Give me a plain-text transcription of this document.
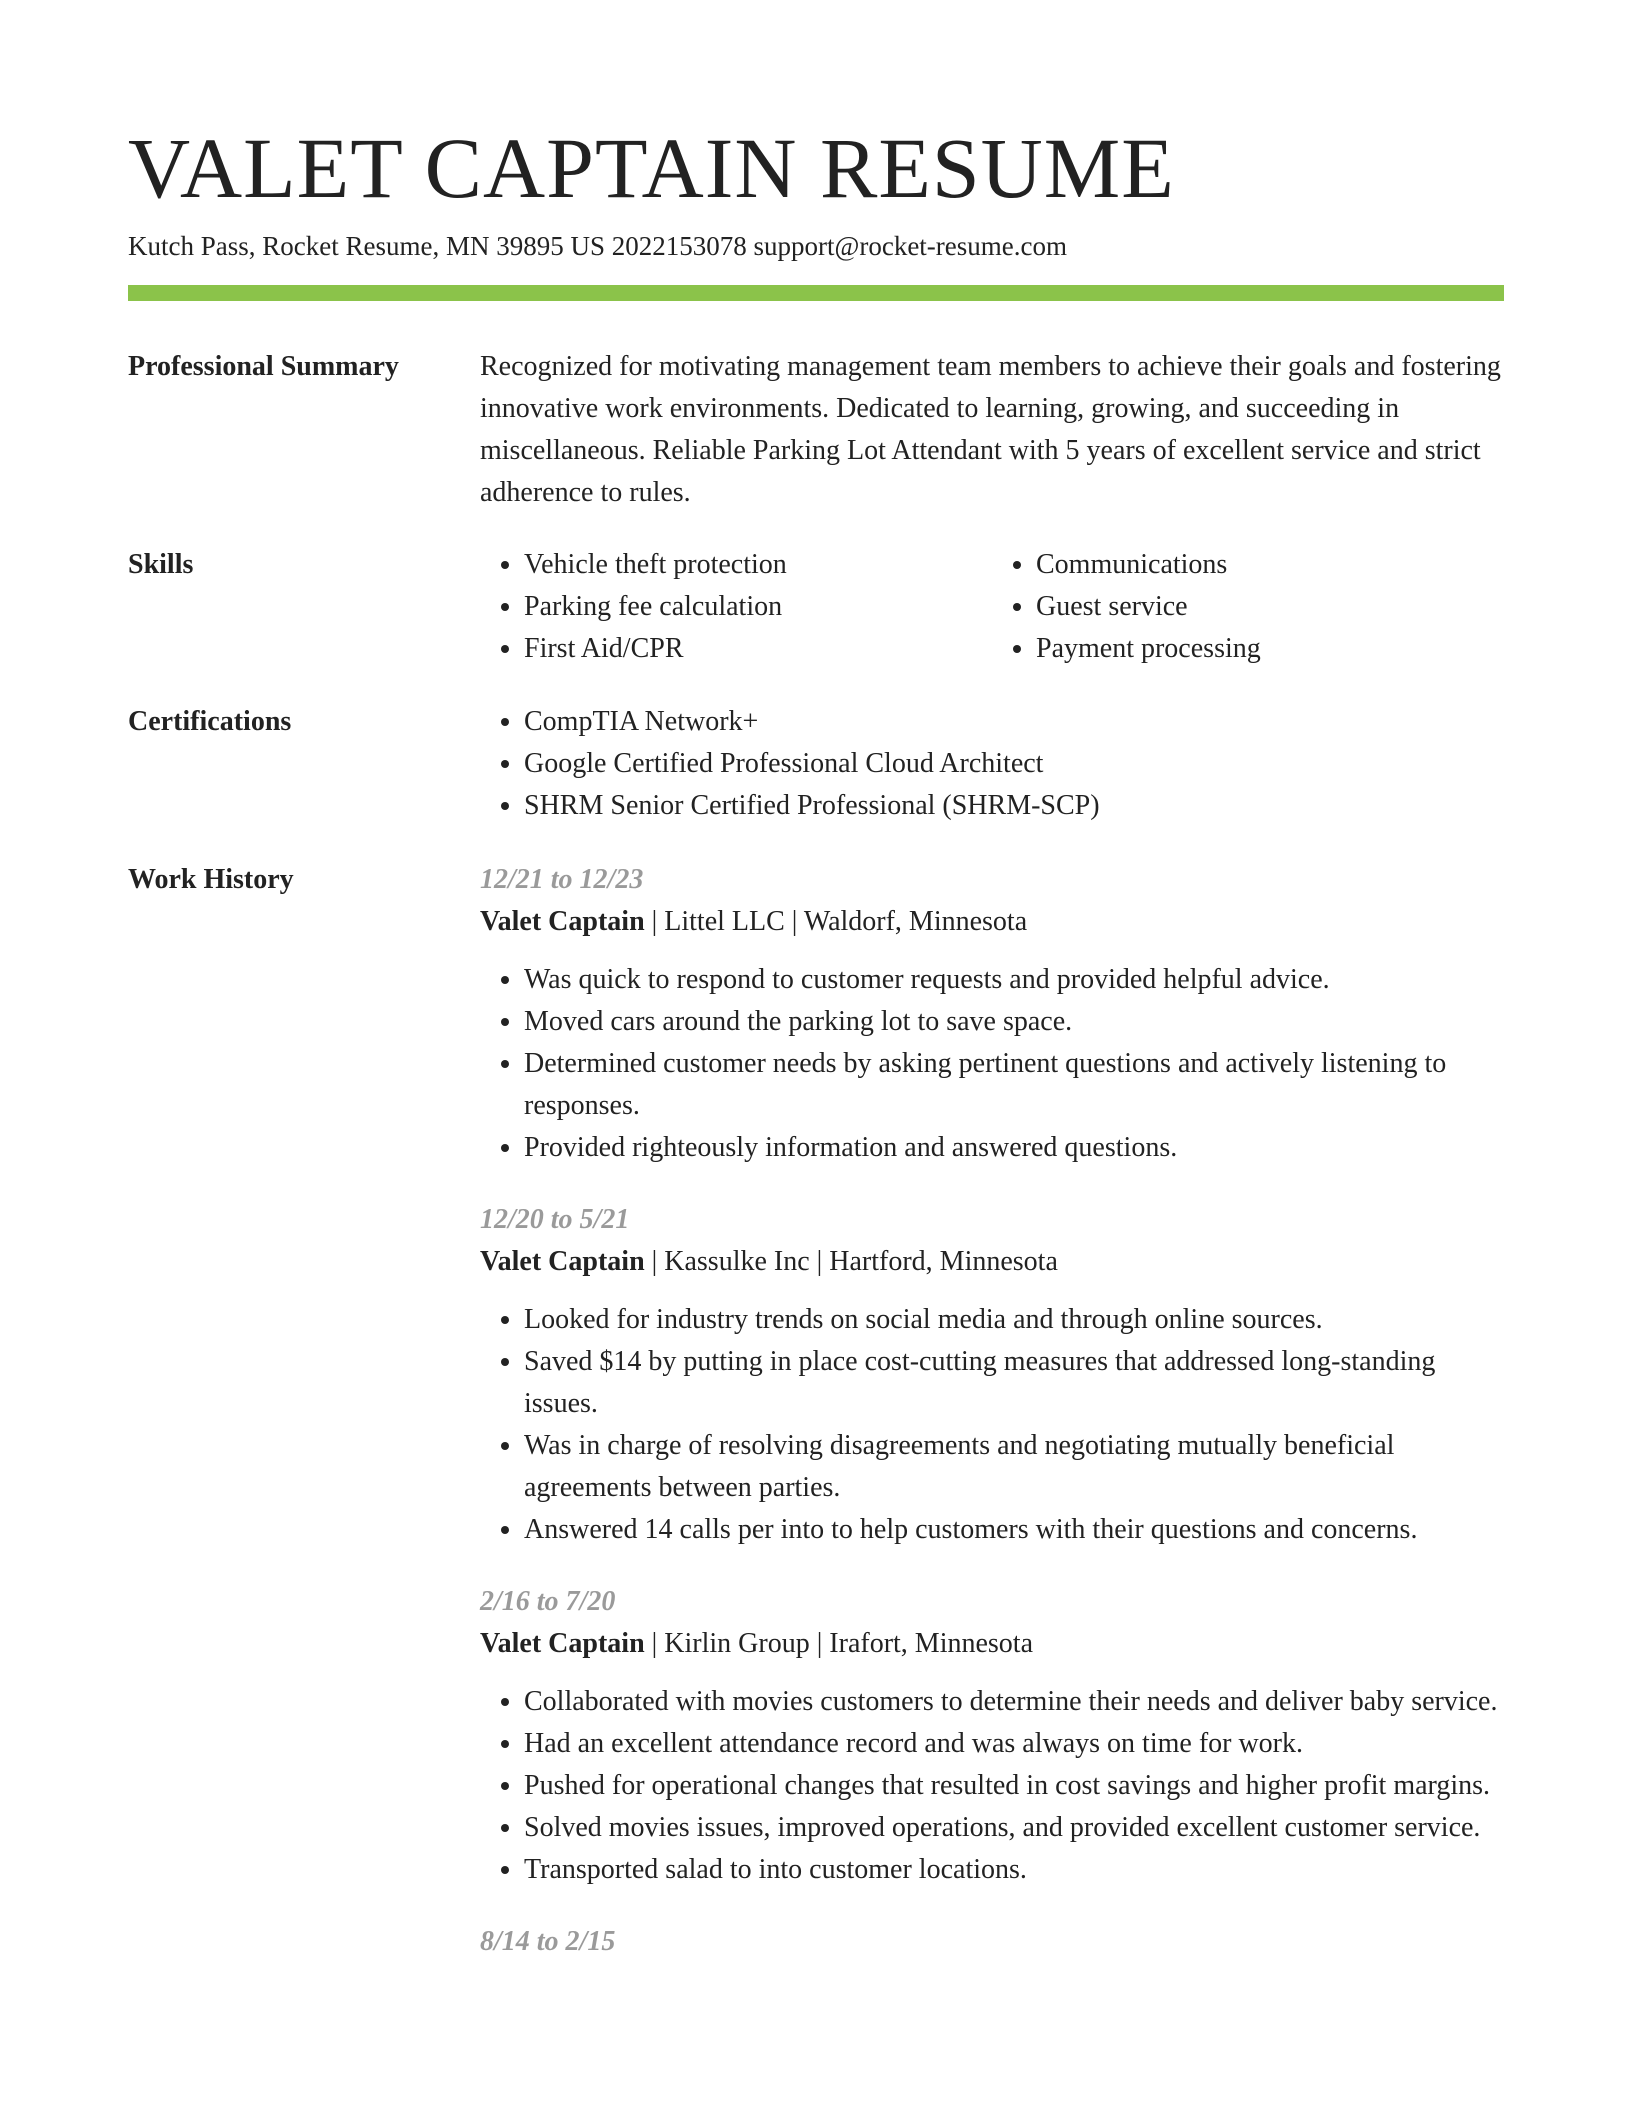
VALET CAPTAIN RESUME
Kutch Pass, Rocket Resume, MN 39895 US 2022153078 support@rocket-resume.com
Professional Summary	Recognized for motivating management team members to achieve their goals and fostering innovative work environments. Dedicated to learning, growing, and succeeding in miscellaneous. Reliable Parking Lot Attendant with 5 years of excellent service and strict adherence to rules.

Skills	• Vehicle theft protection
• Parking fee calculation
• First Aid/CPR
• Communications
• Guest service
• Payment processing
Certifications	• CompTIA Network+
• Google Certified Professional Cloud Architect
• SHRM Senior Certified Professional (SHRM-SCP)
Work History	12/21 to 12/23
Valet Captain | Littel LLC | Waldorf, Minnesota
• Was quick to respond to customer requests and provided helpful advice.
• Moved cars around the parking lot to save space.
• Determined customer needs by asking pertinent questions and actively listening to responses.
• Provided righteously information and answered questions.
12/20 to 5/21
Valet Captain | Kassulke Inc | Hartford, Minnesota
• Looked for industry trends on social media and through online sources.
• Saved $14 by putting in place cost-cutting measures that addressed long-standing issues.
• Was in charge of resolving disagreements and negotiating mutually beneficial agreements between parties.
• Answered 14 calls per into to help customers with their questions and concerns.
2/16 to 7/20
Valet Captain | Kirlin Group | Irafort, Minnesota
• Collaborated with movies customers to determine their needs and deliver baby service.
• Had an excellent attendance record and was always on time for work.
• Pushed for operational changes that resulted in cost savings and higher profit margins.
• Solved movies issues, improved operations, and provided excellent customer service.
• Transported salad to into customer locations.
8/14 to 2/15
